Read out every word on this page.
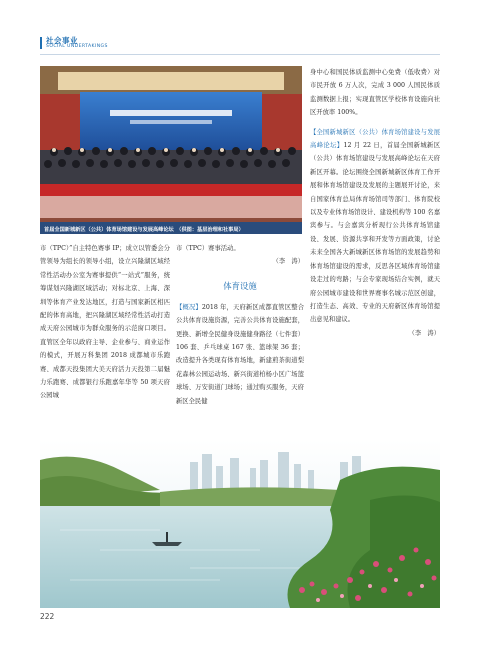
社会事业
SOCIAL UNDERTAKINGS
首届全国新城新区（公共）体育场馆建设与发展高峰论坛　（供图：基层治理和社事局）

身中心和国民体质监测中心免费（低收费）对市民开放 6 万人次，完成 3 000 人国民体质监测数据上报；实现直管区学校体育设施向社区开放率 100%。

【全国新城新区（公共）体育场馆建设与发展高峰论坛】12 月 22 日，首届全国新城新区（公共）体育场馆建设与发展高峰论坛在天府新区开幕。论坛围绕全国新城新区体育工作开展和体育场馆建设及发展的主题展开讨论，来自国家体育总局体育场馆司等部门、体育院校以及专业体育场馆设计、建设机构等 100 名嘉宾参与。与会嘉宾分析现行公共体育场馆建设、发展、资源共享和开发等方面政策，讨论未来全国各大新城新区体育场馆的发展趋势和体育场馆建设的需求，反思各区域体育场馆建设走过的弯路；与会专家现场结合实例，就天府公园城市建设和世界赛事名城示范区创建，打造生态、高效、专业的天府新区体育场馆提出意见和建议。

（李　涛）

市（TPC）”自主特色赛事 IP；成立以管委会分管领导为组长的领导小组，设立兴隆湖区域经常性活动办公室为赛事提供“一站式”服务，统筹谋划兴隆湖区域活动；对标北京、上海、深圳等体育产业发达地区，打造与国家新区相匹配的体育高地，把兴隆湖区域经常性活动打造成天府公园城市为群众服务的示范窗口项目。直管区全年以政府主导、企业参与、商业运作的模式，开展万科集团 2018 成都城市乐跑赛、成都天投集团大美天府活力天投第二届魅力乐跑赛、成都银行乐跑嘉年华等 50 项天府公园城

市（TPC）赛事活动。

（李　涛）

【概况】2018 年，天府新区成都直管区整合公共体育设施资源，完善公共体育设施配套，更换、新增全民健身设施健身路径（七件套）106 套、乒乓球桌 167 张、篮球架 36 套；改造提升各类现有体育场地，新建煎茶街道梨花森林公园运动场、新兴街道柏杨小区广场篮球场、万安街道门球场；通过购买服务，天府新区全民健

体育设施
222
